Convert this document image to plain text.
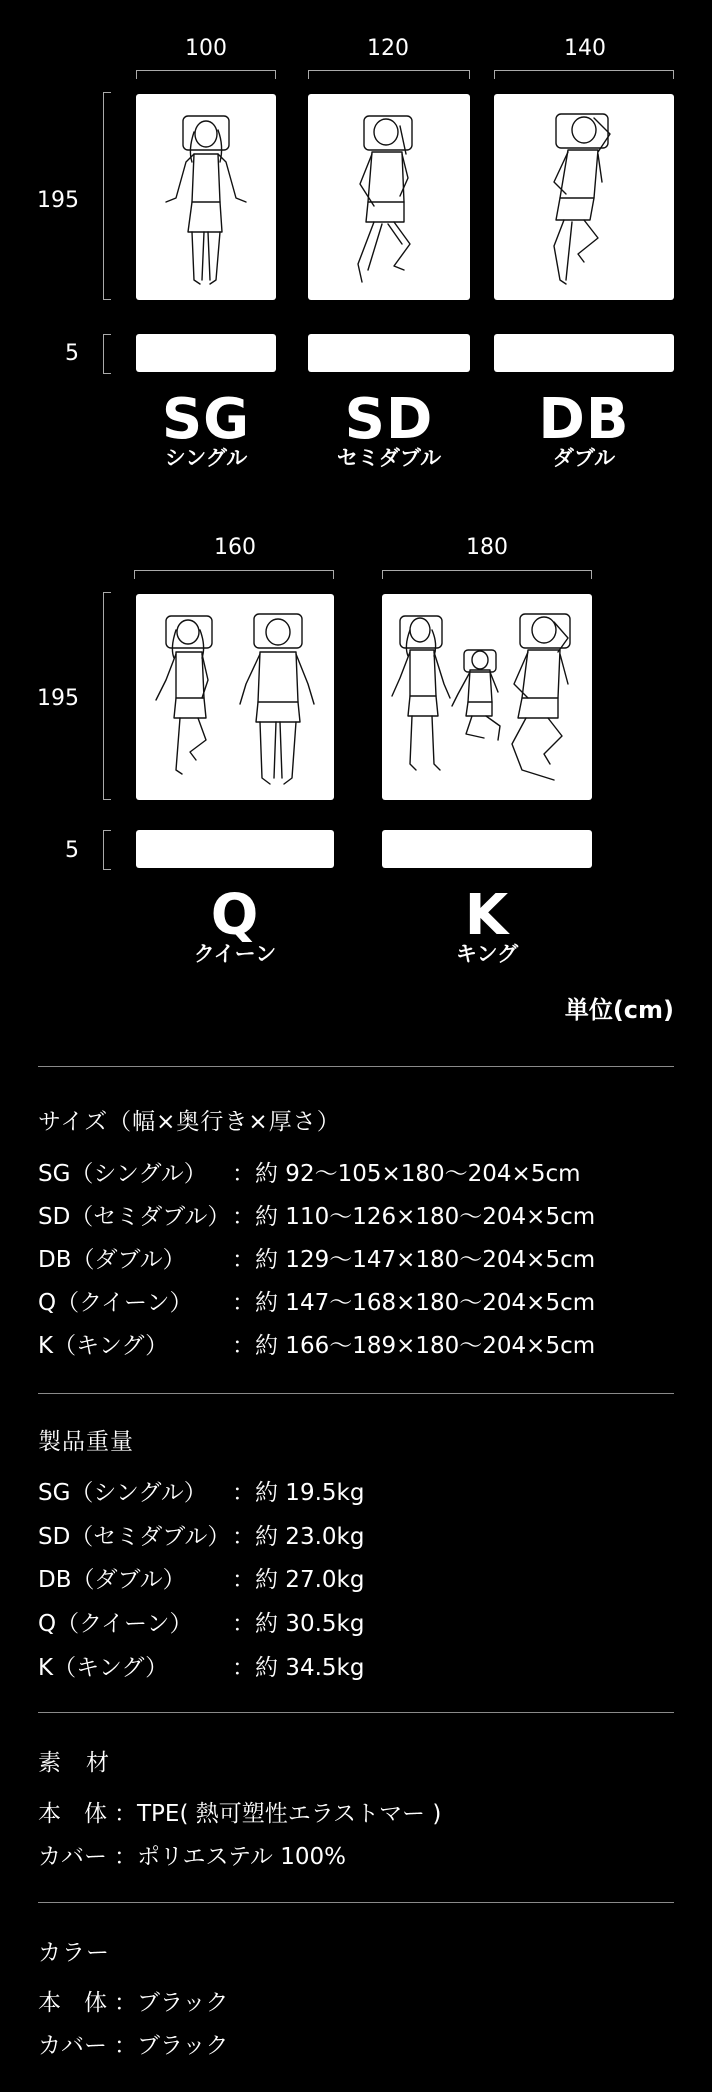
100	120	140
195
5
SG	SD	DB
シングル	セミダブル	ダブル
160	180
195
5
Q	K
クイーン	キング
単位(cm)
サイズ（幅×奥行き×厚さ）
SG（シングル） ：約 92～105×180～204×5cm
SD（セミダブル） ：約 110～126×180～204×5cm
DB（ダブル） ：約 129～147×180～204×5cm
Q（クイーン） ：約 147～168×180～204×5cm
K（キング）	：約 166～189×180～204×5cm
製品重量
SG（シングル） ：約 19.5kg
SD（セミダブル） ：約 23.0kg
DB（ダブル） ：約 27.0kg
Q（クイーン） ：約 30.5kg
K（キング）	：約 34.5kg
素　材
本　体 ：TPE( 熱可塑性エラストマー )
カバー ：ポリエステル 100%
カラー
本　体 ：ブラック
カバー ：ブラック
